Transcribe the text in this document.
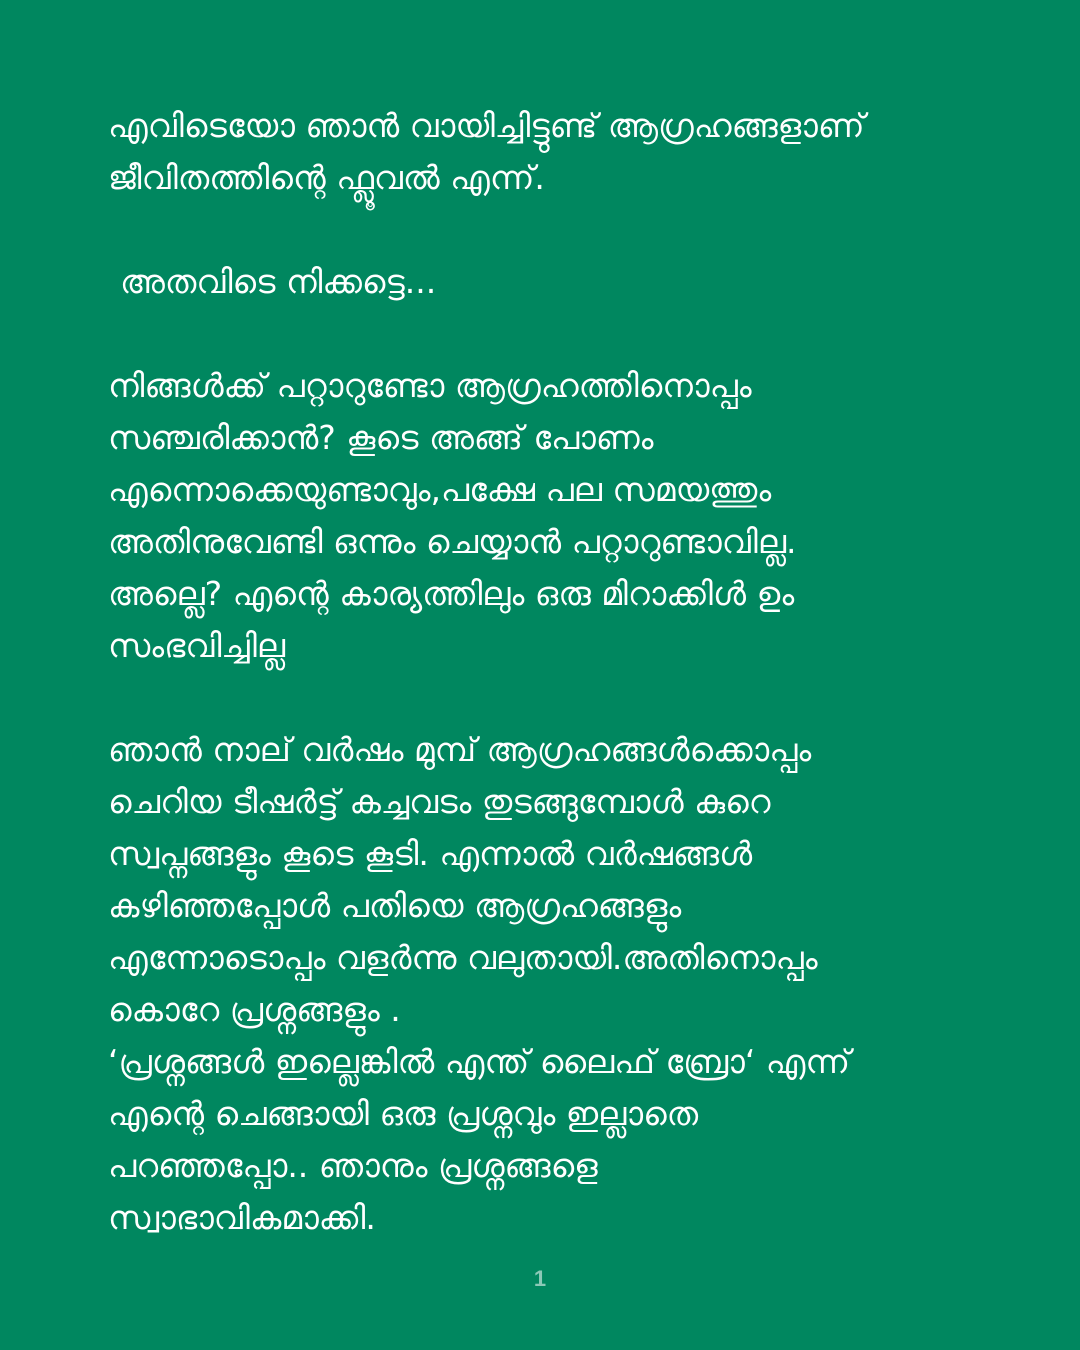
എവിടെയോ ഞാൻ വായിച്ചിട്ടുണ്ട് ആഗ്രഹങ്ങളാണ്
ജീവിതത്തിന്റെ ഫ്ലൂവൽ എന്ന്.
അതവിടെ നിക്കട്ടെ...
നിങ്ങൾക്ക് പറ്റാറുണ്ടോ ആഗ്രഹത്തിനൊപ്പം
സഞ്ചരിക്കാൻ? കൂടെ അങ്ങ് പോണം
എന്നൊക്കെയുണ്ടാവും,പക്ഷേ പല സമയത്തും
അതിനുവേണ്ടി ഒന്നും ചെയ്യാൻ പറ്റാറുണ്ടാവില്ല.
അല്ലെ? എന്റെ കാര്യത്തിലും ഒരു മിറാക്കിൾ ഉം
സംഭവിച്ചില്ല
ഞാൻ നാല് വർഷം മുമ്പ് ആഗ്രഹങ്ങൾക്കൊപ്പം
ചെറിയ ടീഷർട്ട് കച്ചവടം തുടങ്ങുമ്പോൾ കുറെ
സ്വപ്നങ്ങളും കൂടെ കൂടി. എന്നാൽ വർഷങ്ങൾ
കഴിഞ്ഞപ്പോൾ പതിയെ ആഗ്രഹങ്ങളും
എന്നോടൊപ്പം വളർന്നു വലുതായി.അതിനൊപ്പം
കൊറേ പ്രശ്നങ്ങളും .
‘പ്രശ്നങ്ങൾ ഇല്ലെങ്കിൽ എന്ത് ലൈഫ് ബ്രോ‘ എന്ന്
എന്റെ ചെങ്ങായി ഒരു പ്രശ്നവും ഇല്ലാതെ
പറഞ്ഞപ്പോ.. ഞാനും പ്രശ്നങ്ങളെ
സ്വാഭാവികമാക്കി.
1
